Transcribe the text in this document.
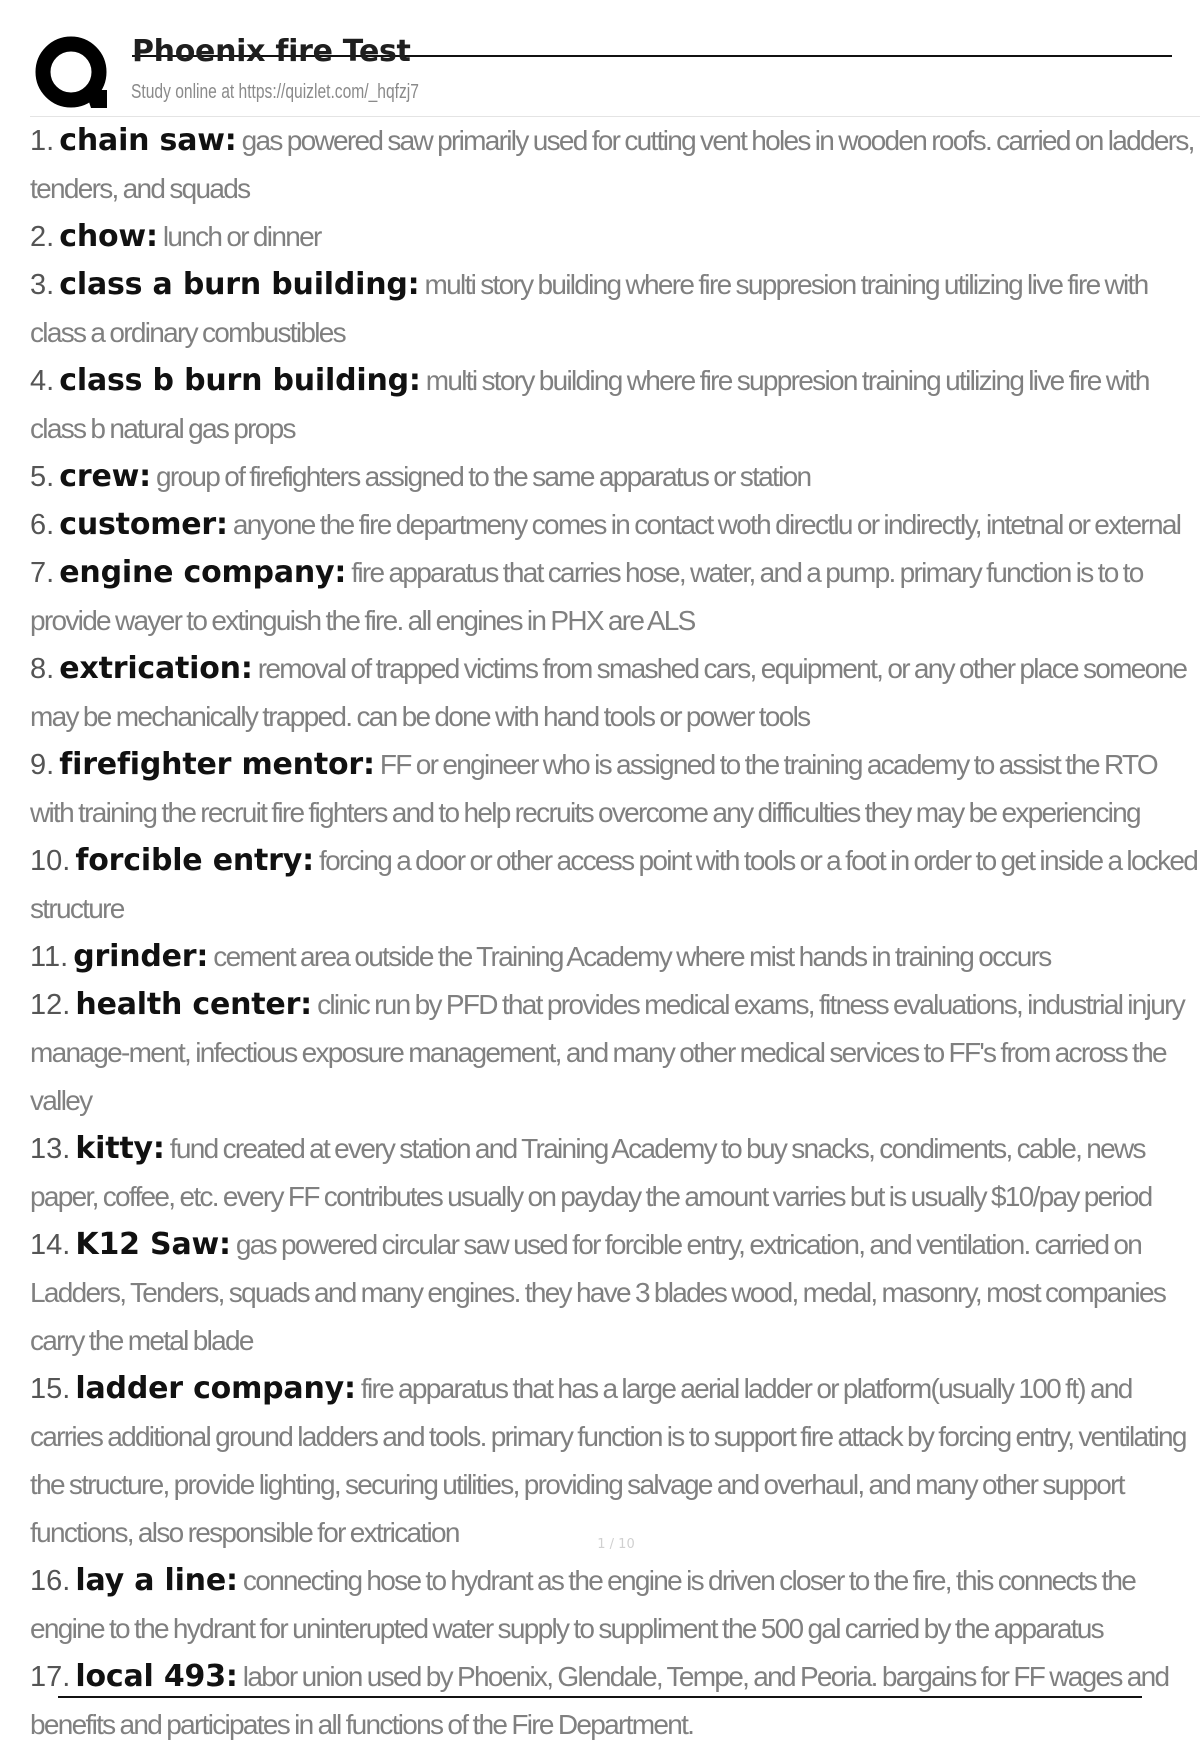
Phoenix fire Test
Study online at https://quizlet.com/_hqfzj7
1. chain saw: gas powered saw primarily used for cutting vent holes in wooden roofs. carried on ladders, tenders, and squads
2. chow: lunch or dinner
3. class a burn building: multi story building where fire suppresion training utilizing live fire with class a ordinary combustibles
4. class b burn building: multi story building where fire suppresion training utilizing live fire with class b natural gas props
5. crew: group of firefighters assigned to the same apparatus or station
6. customer: anyone the fire departmeny comes in contact woth directlu or indirectly, intetnal or external
7. engine company: fire apparatus that carries hose, water, and a pump. primary function is to to provide wayer to extinguish the fire. all engines in PHX are ALS
8. extrication: removal of trapped victims from smashed cars, equipment, or any other place someone may be mechanically trapped. can be done with hand tools or power tools
9. firefighter mentor: FF or engineer who is assigned to the training academy to assist the RTO with training the recruit fire fighters and to help recruits overcome any difficulties they may be experiencing
10. forcible entry: forcing a door or other access point with tools or a foot in order to get inside a locked structure
11. grinder: cement area outside the Training Academy where mist hands in training occurs
12. health center: clinic run by PFD that provides medical exams, fitness evaluations, industrial injury manage-ment, infectious exposure management, and many other medical services to FF's from across the valley
13. kitty: fund created at every station and Training Academy to buy snacks, condiments, cable, news paper, coffee, etc. every FF contributes usually on payday the amount varries but is usually $10/pay period
14. K12 Saw: gas powered circular saw used for forcible entry, extrication, and ventilation. carried on Ladders, Tenders, squads and many engines. they have 3 blades wood, medal, masonry, most companies carry the metal blade
15. ladder company: fire apparatus that has a large aerial ladder or platform(usually 100 ft) and carries additional ground ladders and tools. primary function is to support fire attack by forcing entry, ventilating the structure, provide lighting, securing utilities, providing salvage and overhaul, and many other support functions, also responsible for extrication
16. lay a line: connecting hose to hydrant as the engine is driven closer to the fire, this connects the engine to the hydrant for uninterupted water supply to suppliment the 500 gal carried by the apparatus
17. local 493: labor union used by Phoenix, Glendale, Tempe, and Peoria. bargains for FF wages and benefits and participates in all functions of the Fire Department.
1 / 10
